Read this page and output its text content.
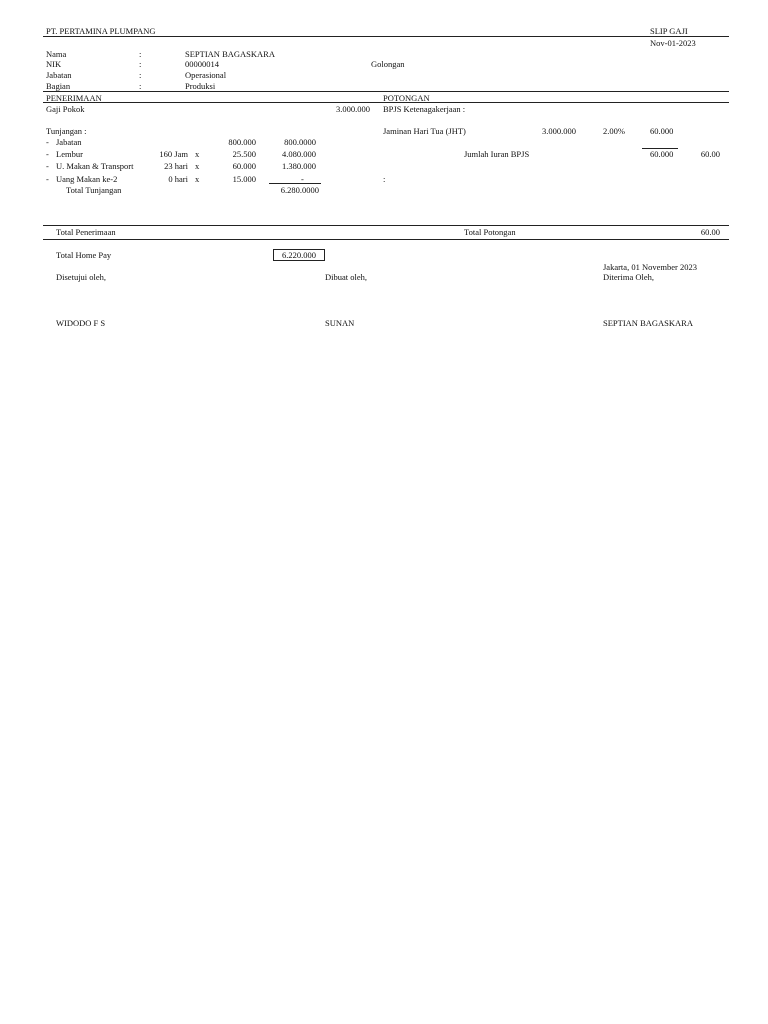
PT. PERTAMINA PLUMPANG	SLIP GAJI
Nov-01-2023
Nama	:	SEPTIAN BAGASKARA
NIK	:	00000014	Golongan
Jabatan	:	Operasional
Bagian	:	Produksi
PENERIMAAN	POTONGAN
Gaji Pokok	3.000.000
Tunjangan :
- Jabatan	800.000	800.0000
- Lembur	160 Jam x	25.500	4.080.000
- U. Makan & Transport	23 hari x	60.000	1.380.000
- Uang Makan ke-2	0 hari x	15.000	-
Total Tunjangan	6.280.0000
BPJS Ketenagakerjaan :
Jaminan Hari Tua (JHT)	3.000.000	2.00%	60.000
Jumlah Iuran BPJS	60.000	60.00
:
Total Penerimaan	Total Potongan	60.00
Total Home Pay	6.220.000
Jakarta, 01 November 2023
Disetujui oleh,	Dibuat oleh,	Diterima Oleh,
WIDODO F S	SUNAN	SEPTIAN BAGASKARA
